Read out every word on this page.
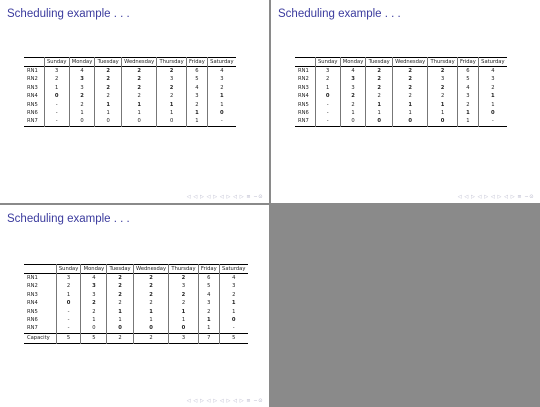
Scheduling example . . .
	Sunday	Monday	Tuesday	Wednesday	Thursday	Friday	Saturday
RN1	3	4	2	2	2	6	4
RN2	2	3	2	2	3	5	3
RN3	1	3	2	2	2	4	2
RN4	0	2	2	2	2	3	1
RN5	-	2	1	1	1	2	1
RN6	-	1	1	1	1	1	0
RN7	-	0	0	0	0	1	-
◁ ◁ ▷ ◁ ▷ ◁ ▷ ◁ ▷ ≡ ∽⊙
Scheduling example . . .
	Sunday	Monday	Tuesday	Wednesday	Thursday	Friday	Saturday
RN1	3	4	2	2	2	6	4
RN2	2	3	2	2	3	5	3
RN3	1	3	2	2	2	4	2
RN4	0	2	2	2	2	3	1
RN5	-	2	1	1	1	2	1
RN6	-	1	1	1	1	1	0
RN7	-	0	0	0	0	1	-
◁ ◁ ▷ ◁ ▷ ◁ ▷ ◁ ▷ ≡ ∽⊙
Scheduling example . . .
	Sunday	Monday	Tuesday	Wednesday	Thursday	Friday	Saturday
RN1	3	4	2	2	2	6	4
RN2	2	3	2	2	3	5	3
RN3	1	3	2	2	2	4	2
RN4	0	2	2	2	2	3	1
RN5	-	2	1	1	1	2	1
RN6	-	1	1	1	1	1	0
RN7	-	0	0	0	0	1	-
Capacity	5	5	2	2	3	7	5
◁ ◁ ▷ ◁ ▷ ◁ ▷ ◁ ▷ ≡ ∽⊙
